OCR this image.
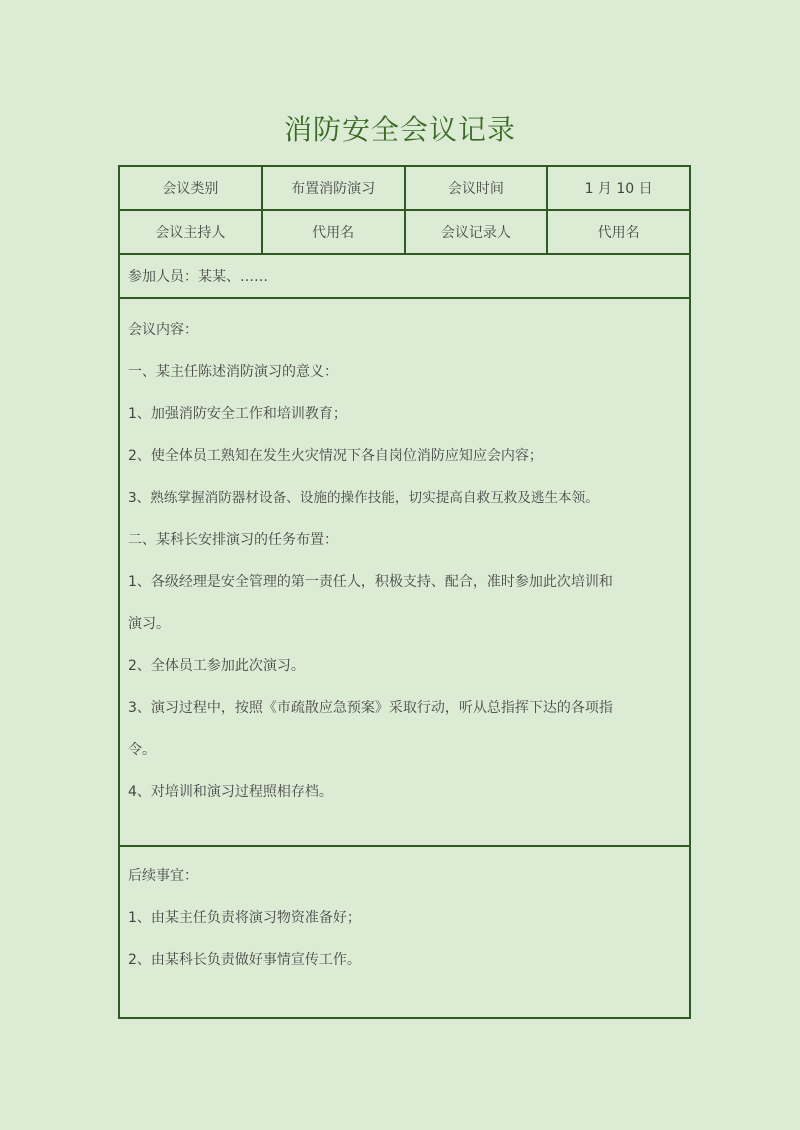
消防安全会议记录
会议类别	布置消防演习	会议时间	1 月 10 日
会议主持人	代用名	会议记录人	代用名
参加人员：某某、……
会议内容：
一、某主任陈述消防演习的意义：
1、加强消防安全工作和培训教育；
2、使全体员工熟知在发生火灾情况下各自岗位消防应知应会内容；
3、熟练掌握消防器材设备、设施的操作技能，切实提高自救互救及逃生本领。
二、某科长安排演习的任务布置：
1、各级经理是安全管理的第一责任人，积极支持、配合，准时参加此次培训和
演习。
2、全体员工参加此次演习。
3、演习过程中，按照《市疏散应急预案》采取行动，听从总指挥下达的各项指
令。
4、对培训和演习过程照相存档。
后续事宜：
1、由某主任负责将演习物资准备好；
2、由某科长负责做好事情宣传工作。
